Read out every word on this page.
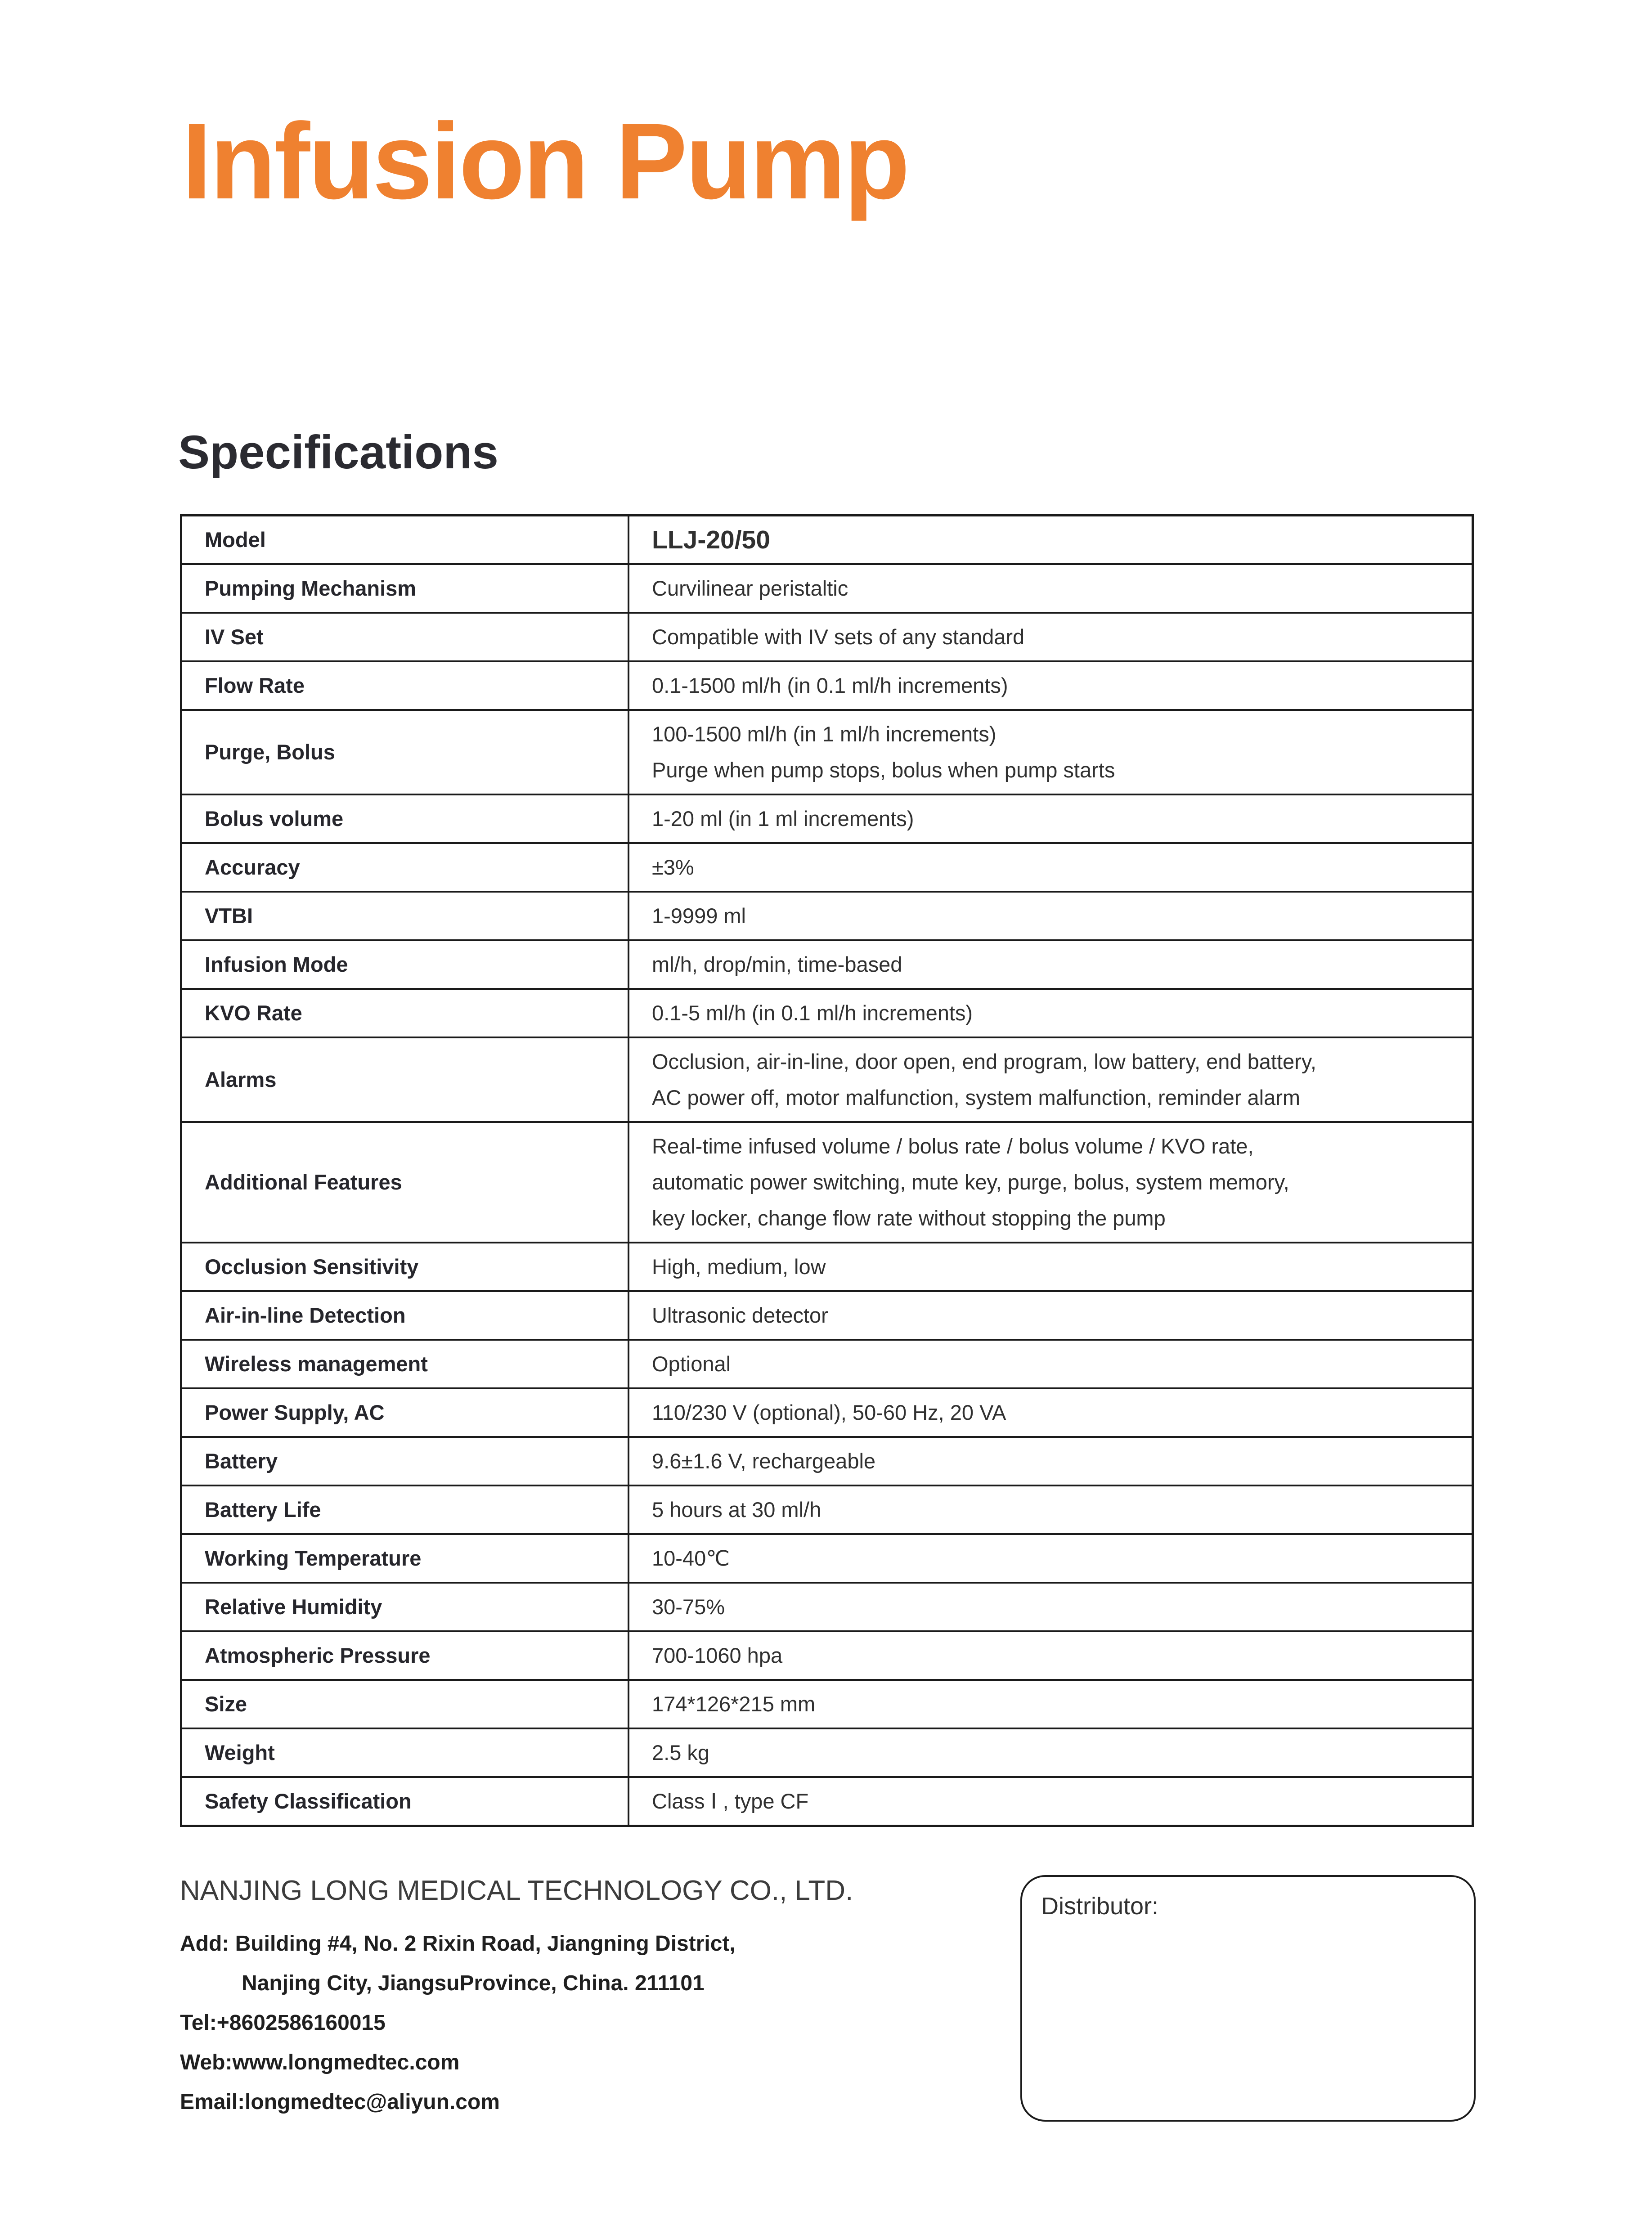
Infusion Pump
Specifications
Model	LLJ-20/50

Pumping Mechanism	Curvilinear peristaltic

IV Set	Compatible with IV sets of any standard

Flow Rate	0.1-1500 ml/h (in 0.1 ml/h increments)

Purge, Bolus	100-1500 ml/h (in 1 ml/h increments)
Purge when pump stops, bolus when pump starts

Bolus volume	1-20 ml (in 1 ml increments)

Accuracy	±3%

VTBI	1-9999 ml

Infusion Mode	ml/h, drop/min, time-based

KVO Rate	0.1-5 ml/h (in 0.1 ml/h increments)

Alarms	Occlusion, air-in-line, door open, end program, low battery, end battery,
AC power off, motor malfunction, system malfunction, reminder alarm

Additional Features	Real-time infused volume / bolus rate / bolus volume / KVO rate,
automatic power switching, mute key, purge, bolus, system memory,
key locker, change flow rate without stopping the pump

Occlusion Sensitivity	High, medium, low

Air-in-line Detection	Ultrasonic detector

Wireless management	Optional

Power Supply, AC	110/230 V (optional), 50-60 Hz, 20 VA

Battery	9.6±1.6 V, rechargeable

Battery Life	5 hours at 30 ml/h

Working Temperature	10-40℃

Relative Humidity	30-75%

Atmospheric Pressure	700-1060 hpa

Size	174*126*215 mm

Weight	2.5 kg

Safety Classification	Class Ⅰ , type CF

NANJING LONG MEDICAL TECHNOLOGY CO., LTD.

Add: Building #4, No. 2 Rixin Road, Jiangning District,

Nanjing City, JiangsuProvince, China. 211101

Tel:+8602586160015

Web:www.longmedtec.com

Email:longmedtec@aliyun.com

Distributor:
